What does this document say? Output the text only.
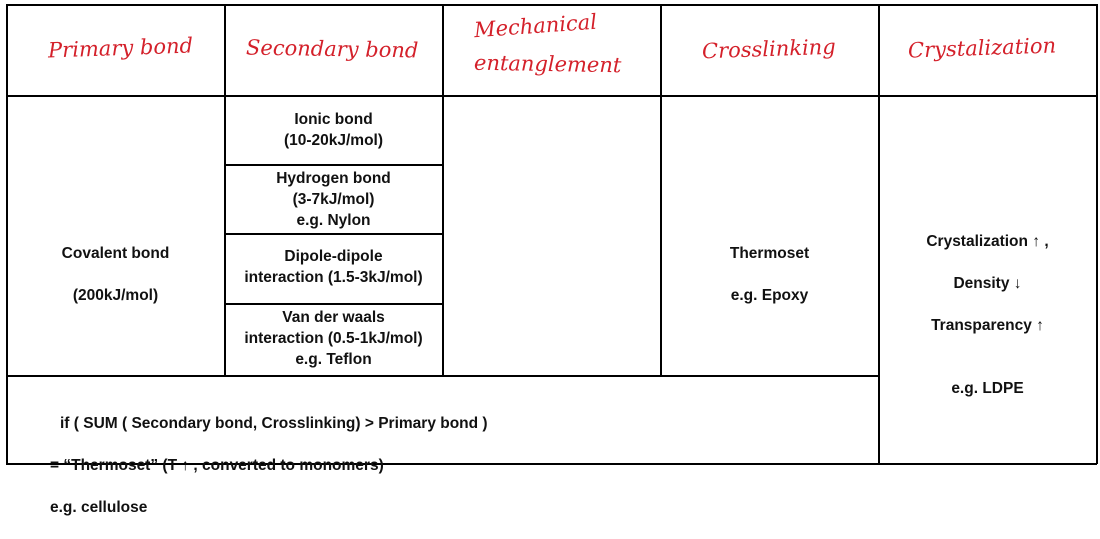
Primary bond Secondary bond
Mechanical
entanglement
Crosslinking	Crystalization

Covalent bond

(200kJ/mol)

Ionic bond
(10-20kJ/mol)
Hydrogen bond
(3-7kJ/mol)
e.g. Nylon
Dipole-dipole
interaction (1.5-3kJ/mol)
Van der waals
interaction (0.5-1kJ/mol)
e.g. Teflon

Thermoset

e.g. Epoxy

Crystalization ↑ ,

Density ↓

Transparency ↑

e.g. LDPE

if ( SUM ( Secondary bond, Crosslinking) > Primary bond )

= “Thermoset” (T ↑ , converted to monomers)

e.g. cellulose
